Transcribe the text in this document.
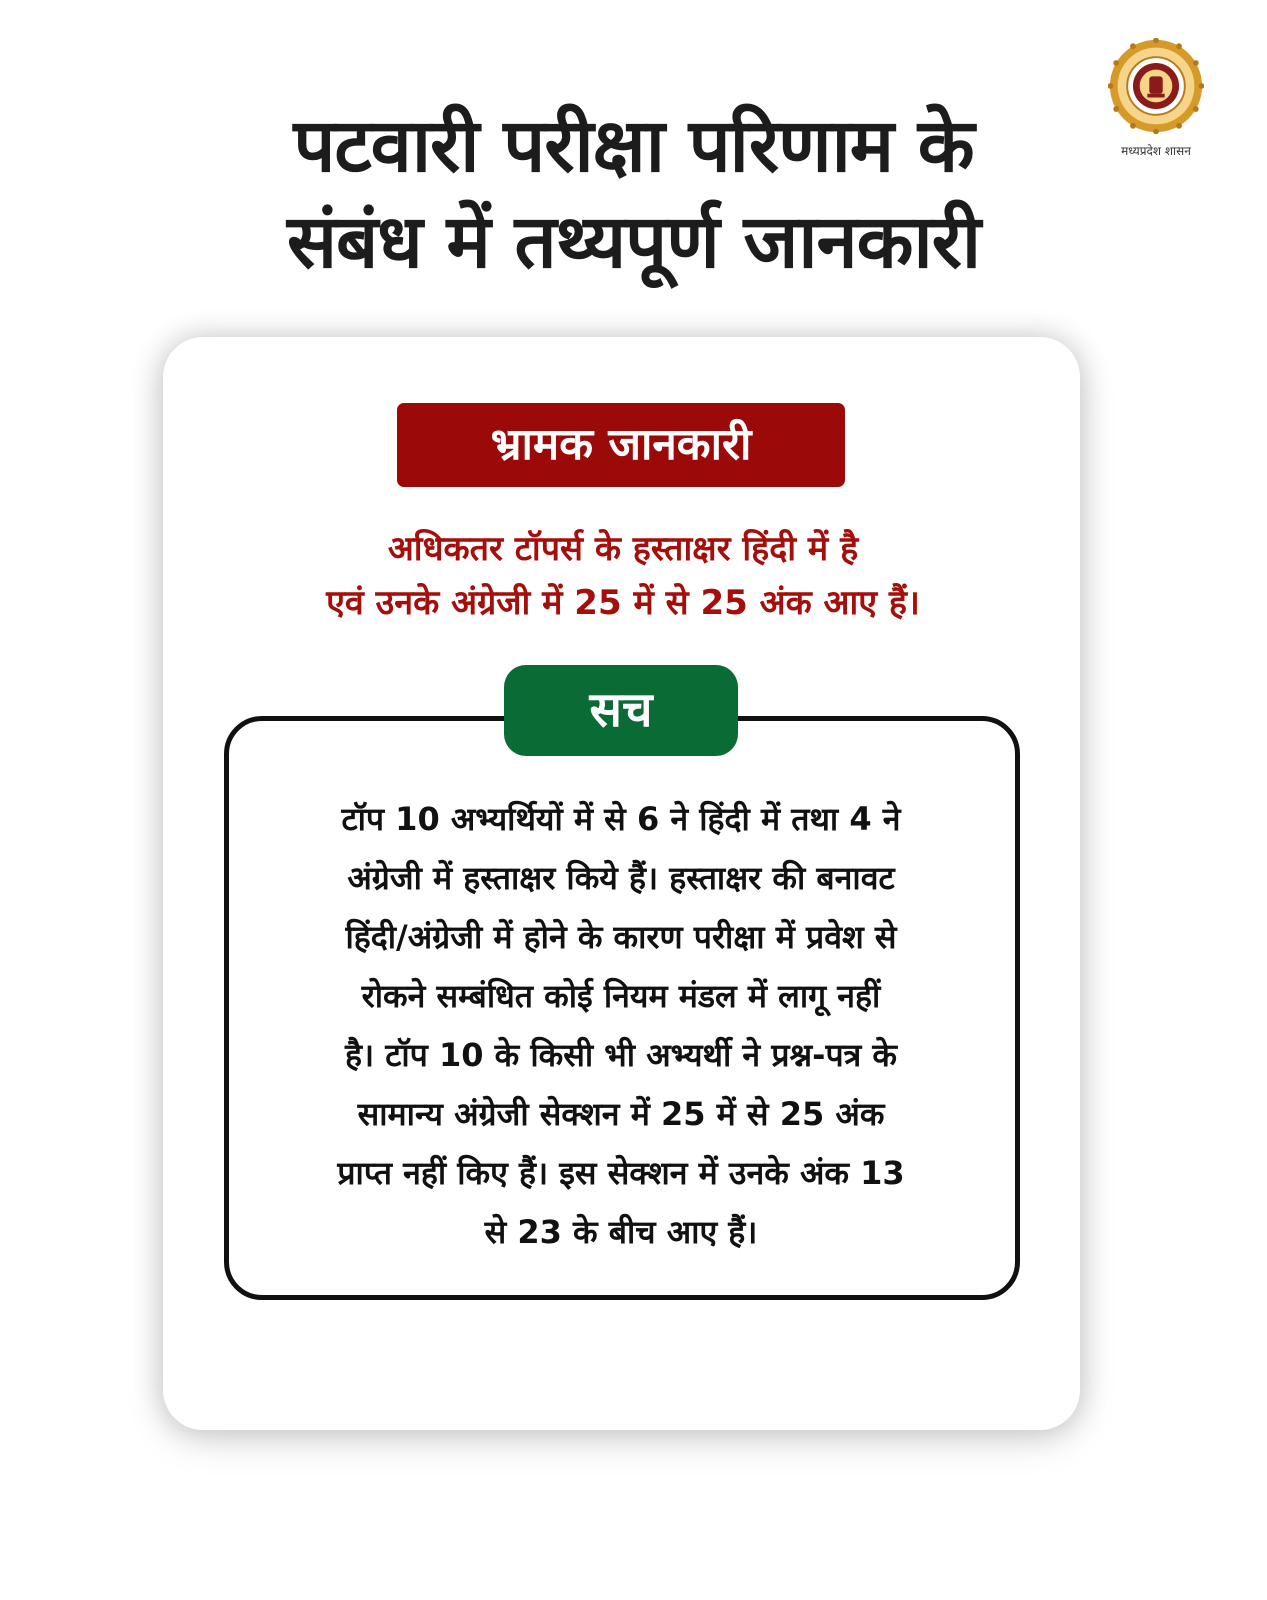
मध्यप्रदेश शासन
पटवारी परीक्षा परिणाम के
संबंध में तथ्यपूर्ण जानकारी
भ्रामक जानकारी
अधिकतर टॉपर्स के हस्ताक्षर हिंदी में है
एवं उनके अंग्रेजी में 25 में से 25 अंक आए हैं।
सच
टॉप 10 अभ्यर्थियों में से 6 ने हिंदी में तथा 4 ने
अंग्रेजी में हस्ताक्षर किये हैं। हस्ताक्षर की बनावट
हिंदी/अंग्रेजी में होने के कारण परीक्षा में प्रवेश से
रोकने सम्बंधित कोई नियम मंडल में लागू नहीं
है। टॉप 10 के किसी भी अभ्यर्थी ने प्रश्न-पत्र के
सामान्य अंग्रेजी सेक्शन में 25 में से 25 अंक
प्राप्त नहीं किए हैं। इस सेक्शन में उनके अंक 13
से 23 के बीच आए हैं।
